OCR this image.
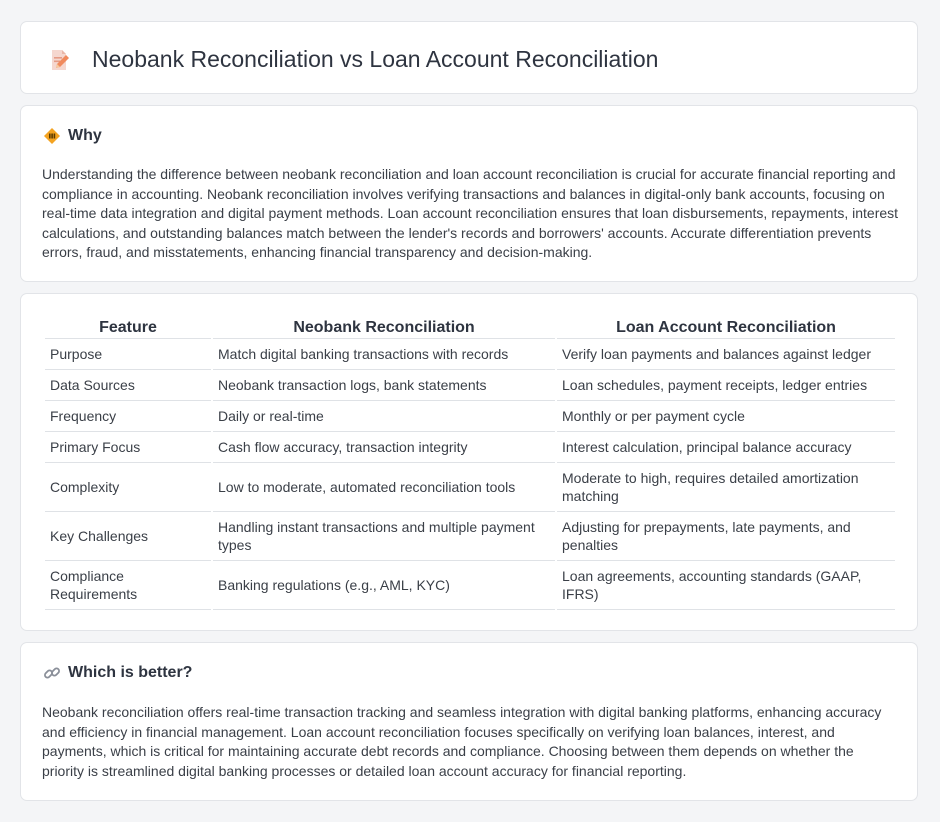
Neobank Reconciliation vs Loan Account Reconciliation
Why

Understanding the difference between neobank reconciliation and loan account reconciliation is crucial for accurate financial reporting and compliance in accounting. Neobank reconciliation involves verifying transactions and balances in digital-only bank accounts, focusing on real-time data integration and digital payment methods. Loan account reconciliation ensures that loan disbursements, repayments, interest calculations, and outstanding balances match between the lender's records and borrowers' accounts. Accurate differentiation prevents errors, fraud, and misstatements, enhancing financial transparency and decision-making.

Feature	Neobank Reconciliation	Loan Account Reconciliation
Purpose	Match digital banking transactions with records	Verify loan payments and balances against ledger
Data Sources	Neobank transaction logs, bank statements	Loan schedules, payment receipts, ledger entries
Frequency	Daily or real-time	Monthly or per payment cycle
Primary Focus	Cash flow accuracy, transaction integrity	Interest calculation, principal balance accuracy
Complexity	Low to moderate, automated reconciliation tools	Moderate to high, requires detailed amortization matching
Key Challenges	Handling instant transactions and multiple payment types	Adjusting for prepayments, late payments, and penalties
Compliance Requirements	Banking regulations (e.g., AML, KYC)	Loan agreements, accounting standards (GAAP, IFRS)
Which is better?

Neobank reconciliation offers real-time transaction tracking and seamless integration with digital banking platforms, enhancing accuracy and efficiency in financial management. Loan account reconciliation focuses specifically on verifying loan balances, interest, and payments, which is critical for maintaining accurate debt records and compliance. Choosing between them depends on whether the priority is streamlined digital banking processes or detailed loan account accuracy for financial reporting.
